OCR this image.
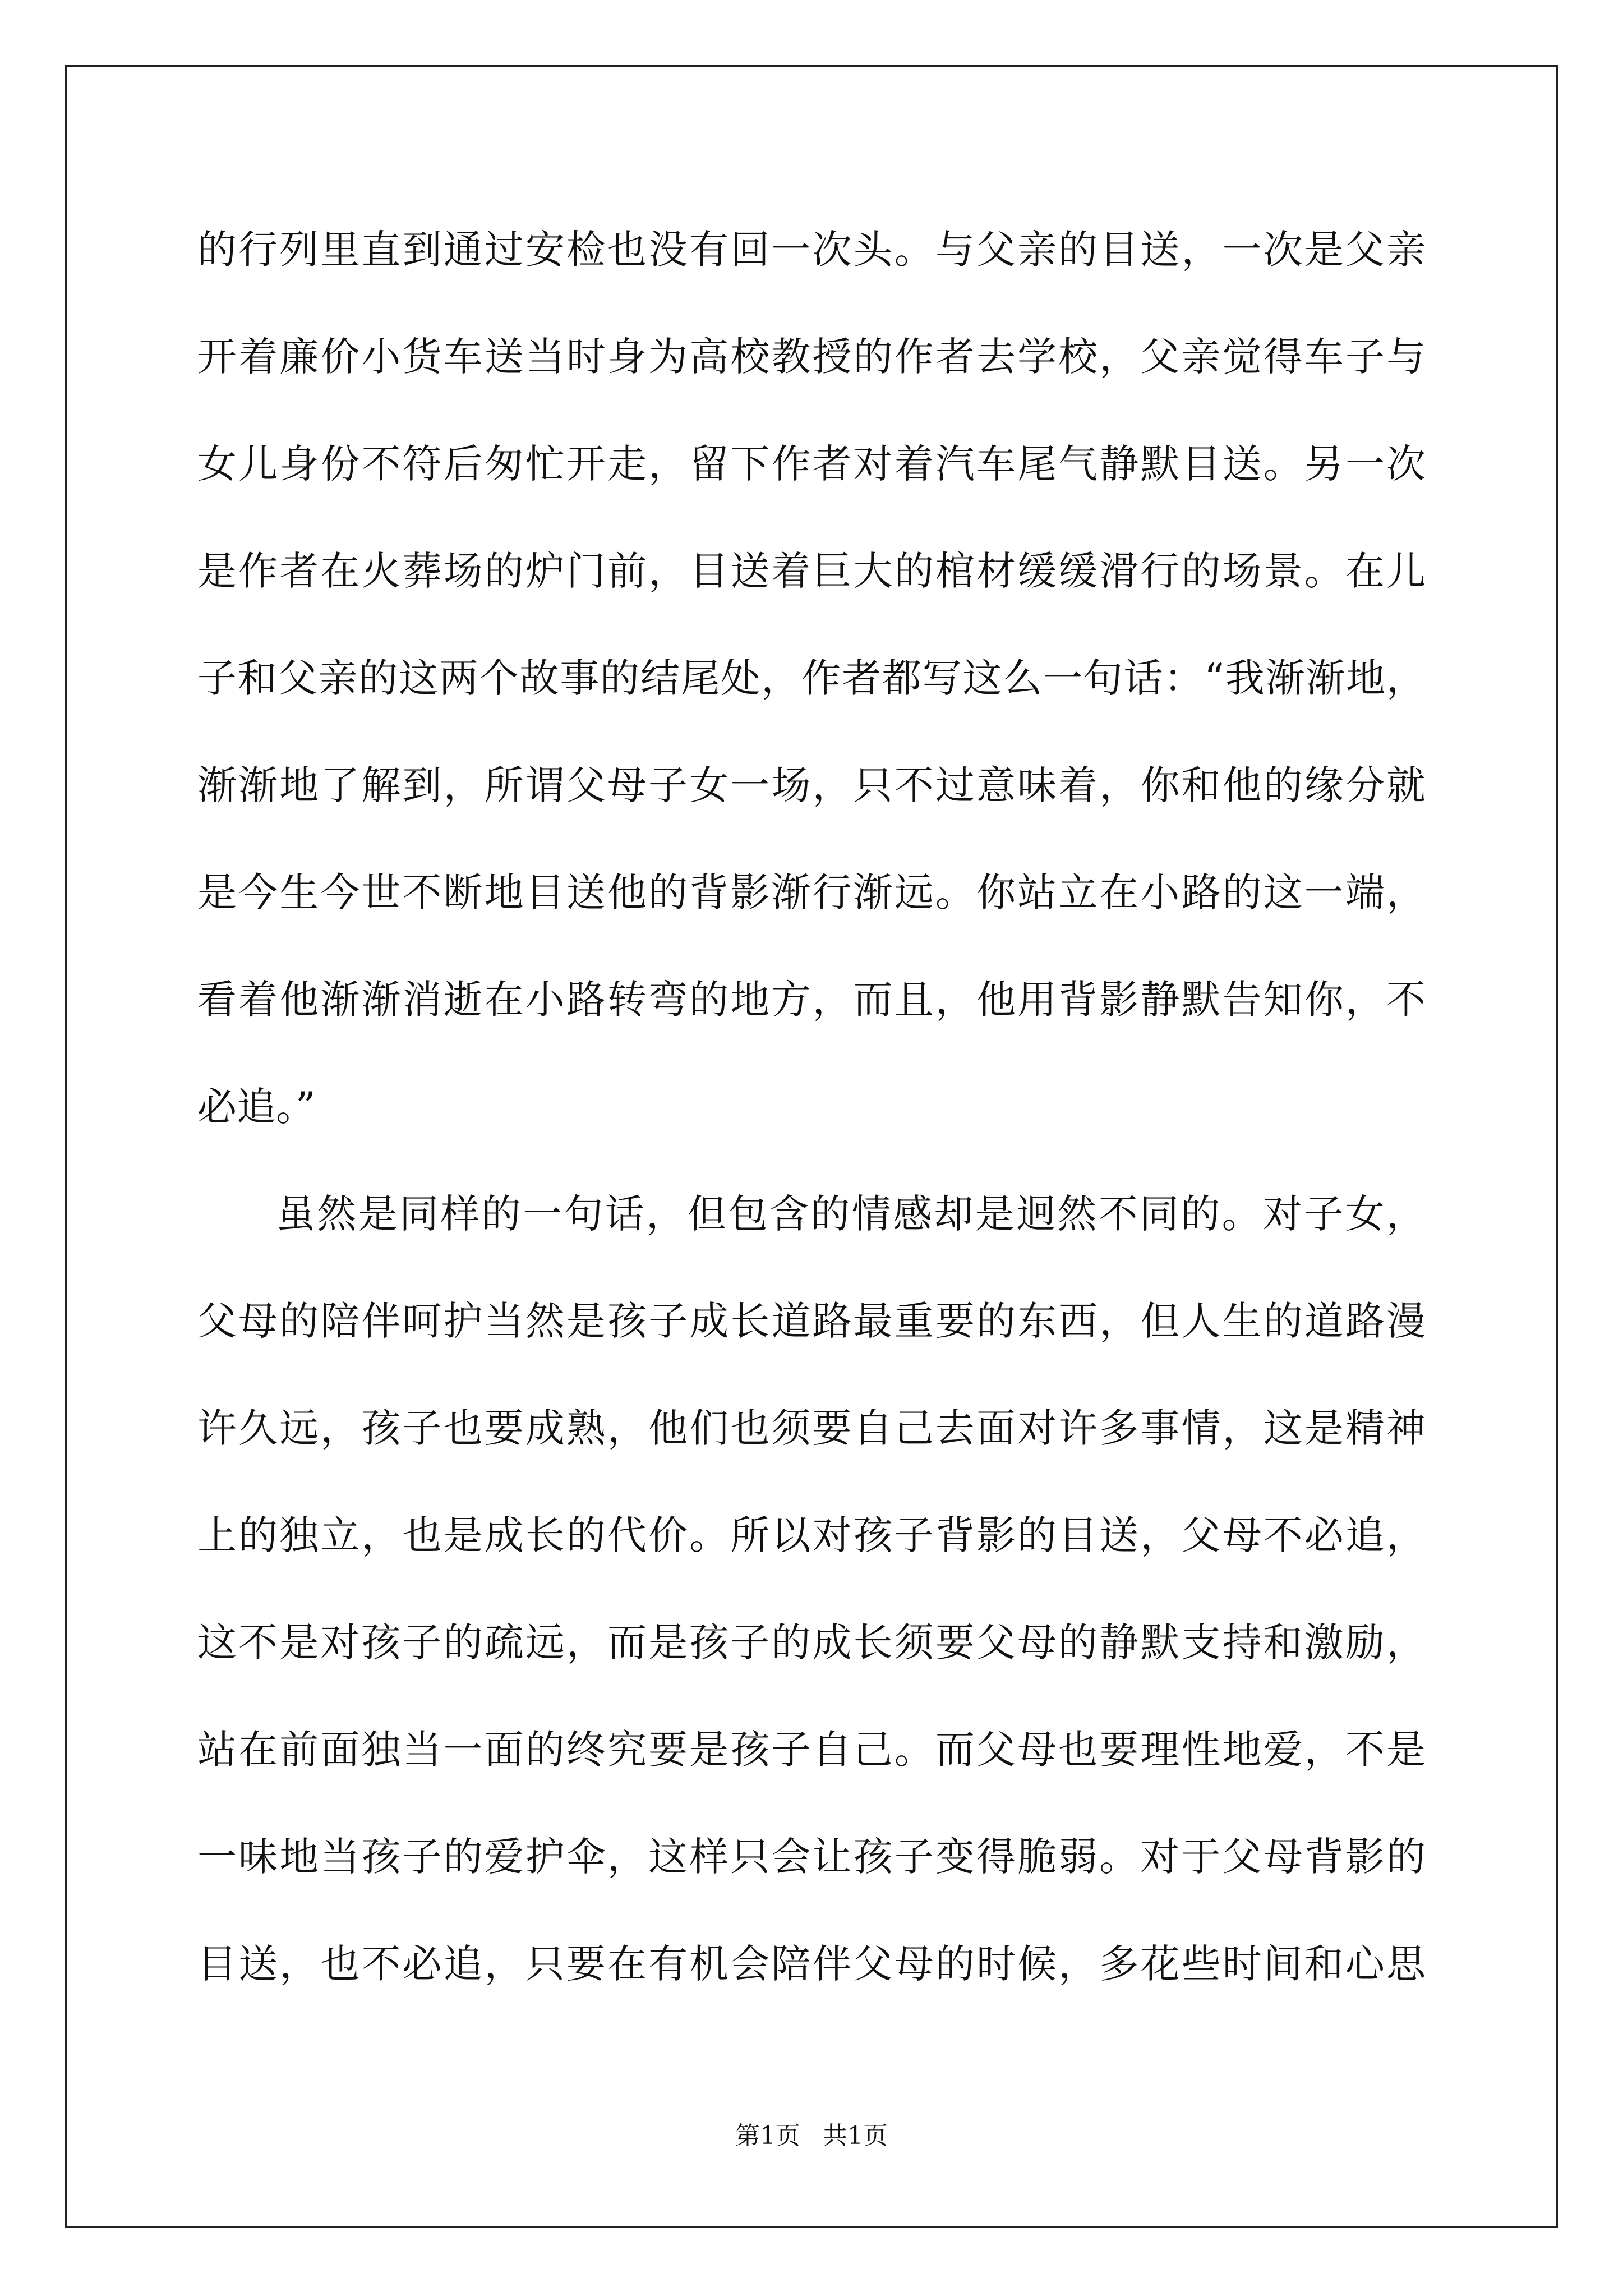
的行列里直到通过安检也没有回一次头。与父亲的目送，一次是父亲
开着廉价小货车送当时身为高校教授的作者去学校，父亲觉得车子与
女儿身份不符后匆忙开走，留下作者对着汽车尾气静默目送。另一次
是作者在火葬场的炉门前，目送着巨大的棺材缓缓滑行的场景。在儿
子和父亲的这两个故事的结尾处，作者都写这么一句话：“我渐渐地，
渐渐地了解到，所谓父母子女一场，只不过意味着，你和他的缘分就
是今生今世不断地目送他的背影渐行渐远。你站立在小路的这一端，
看着他渐渐消逝在小路转弯的地方，而且，他用背影静默告知你，不
必追。”
虽然是同样的一句话，但包含的情感却是迥然不同的。对子女，
父母的陪伴呵护当然是孩子成长道路最重要的东西，但人生的道路漫
许久远，孩子也要成熟，他们也须要自己去面对许多事情，这是精神
上的独立，也是成长的代价。所以对孩子背影的目送，父母不必追，
这不是对孩子的疏远，而是孩子的成长须要父母的静默支持和激励，
站在前面独当一面的终究要是孩子自己。而父母也要理性地爱，不是
一味地当孩子的爱护伞，这样只会让孩子变得脆弱。对于父母背影的
目送，也不必追，只要在有机会陪伴父母的时候，多花些时间和心思
第1页 共1页
